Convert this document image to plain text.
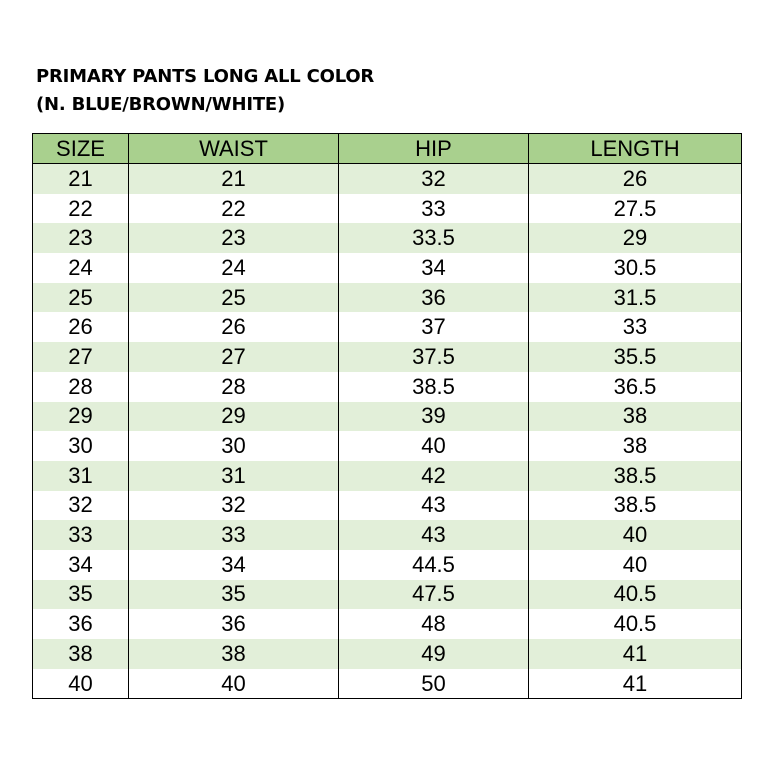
PRIMARY PANTS LONG ALL COLOR
(N. BLUE/BROWN/WHITE)
SIZE	WAIST	HIP	LENGTH
21	21	32	26
22	22	33	27.5
23	23	33.5	29
24	24	34	30.5
25	25	36	31.5
26	26	37	33
27	27	37.5	35.5
28	28	38.5	36.5
29	29	39	38
30	30	40	38
31	31	42	38.5
32	32	43	38.5
33	33	43	40
34	34	44.5	40
35	35	47.5	40.5
36	36	48	40.5
38	38	49	41
40	40	50	41
